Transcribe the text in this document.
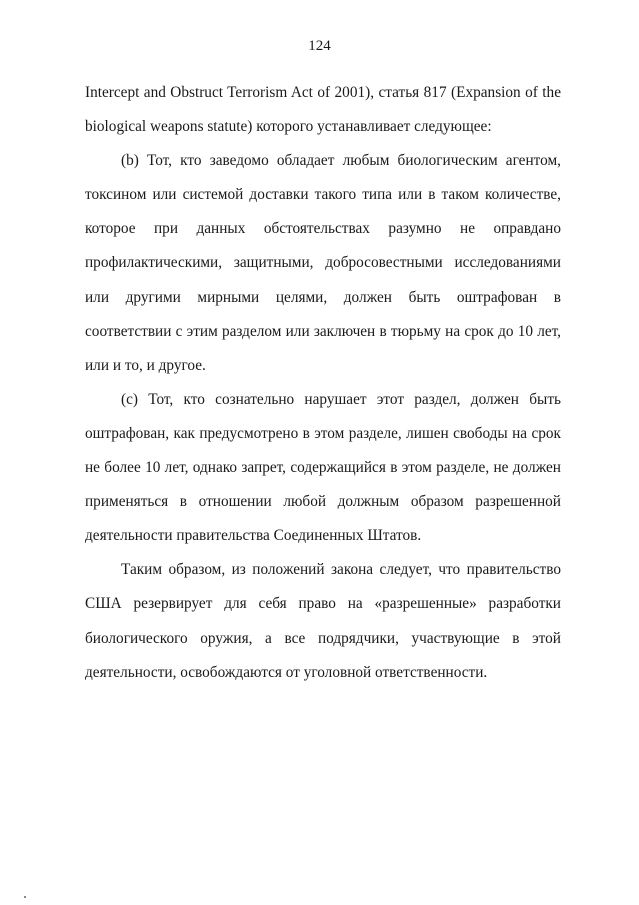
124

Intercept and Obstruct Terrorism Act of 2001), статья 817 (Expansion of the biological weapons statute) которого устанавливает следующее:

(b) Тот, кто заведомо обладает любым биологическим агентом, токсином или системой доставки такого типа или в таком количестве, которое при данных обстоятельствах разумно не оправдано профилактическими, защитными, добросовестными исследованиями или другими мирными целями, должен быть оштрафован в соответствии с этим разделом или заключен в тюрьму на срок до 10 лет, или и то, и другое.

(c) Тот, кто сознательно нарушает этот раздел, должен быть оштрафован, как предусмотрено в этом разделе, лишен свободы на срок не более 10 лет, однако запрет, содержащийся в этом разделе, не должен применяться в отношении любой должным образом разрешенной деятельности правительства Соединенных Штатов.

Таким образом, из положений закона следует, что правительство США резервирует для себя право на «разрешенные» разработки биологического оружия, а все подрядчики, участвующие в этой деятельности, освобождаются от уголовной ответственности.
